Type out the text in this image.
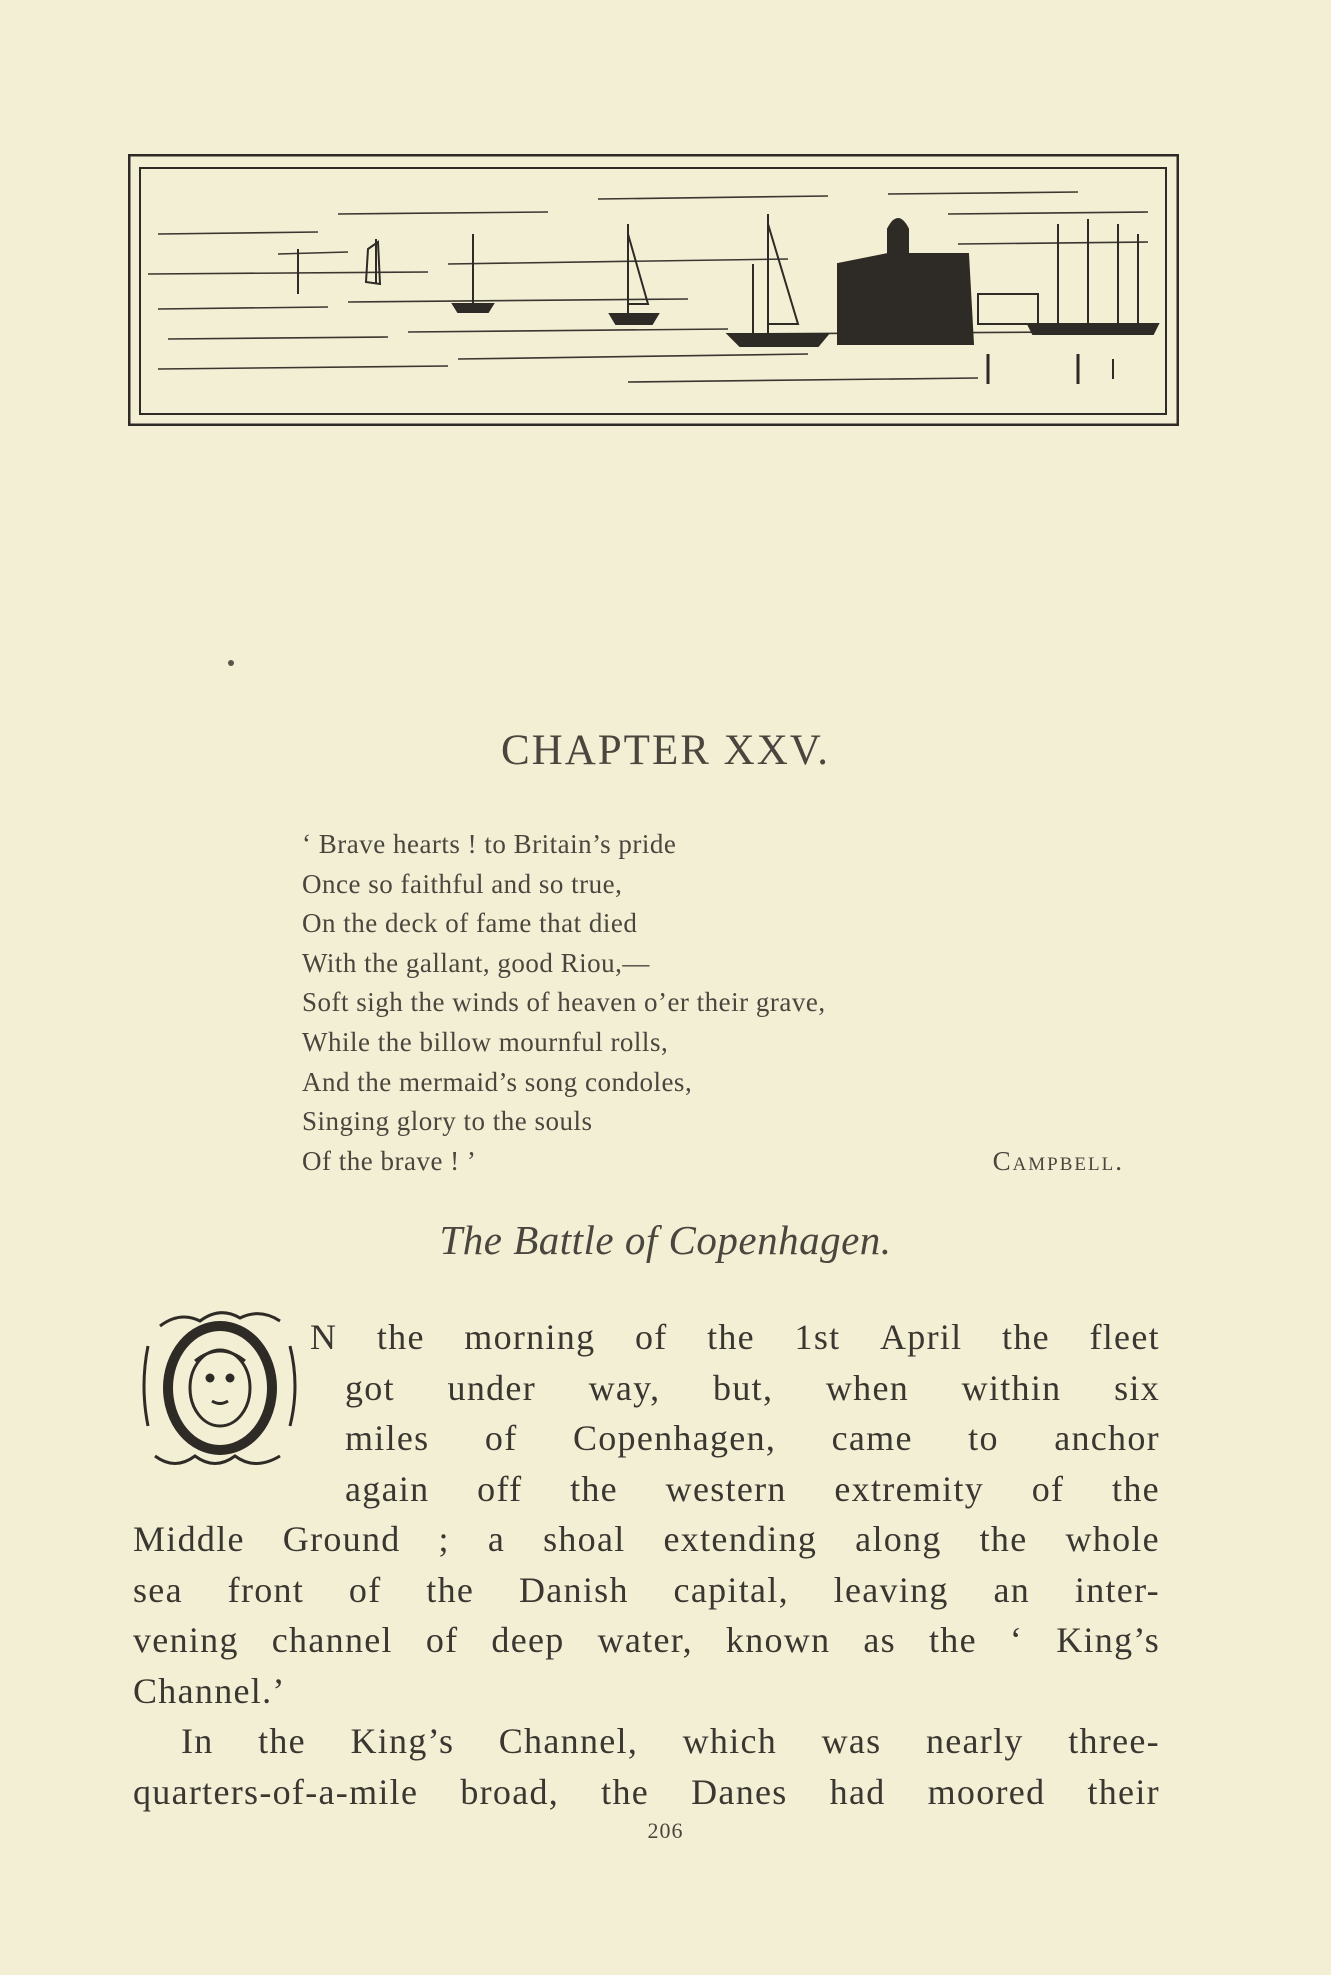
CHAPTER XXV.
‘ Brave hearts ! to Britain’s pride
Once so faithful and so true,
On the deck of fame that died
With the gallant, good Riou,—
Soft sigh the winds of heaven o’er their grave,
While the billow mournful rolls,
And the mermaid’s song condoles,
Singing glory to the souls
Of the brave ! ’	Campbell.
The Battle of Copenhagen.
O
N the morning of the 1st April the fleet
got under way, but, when within six
miles of Copenhagen, came to anchor
again off the western extremity of the
Middle Ground ; a shoal extending along the whole
sea front of the Danish capital, leaving an inter-
vening channel of deep water, known as the ‘ King’s
Channel.’
In the King’s Channel, which was nearly three-
quarters-of-a-mile broad, the Danes had moored their
206
